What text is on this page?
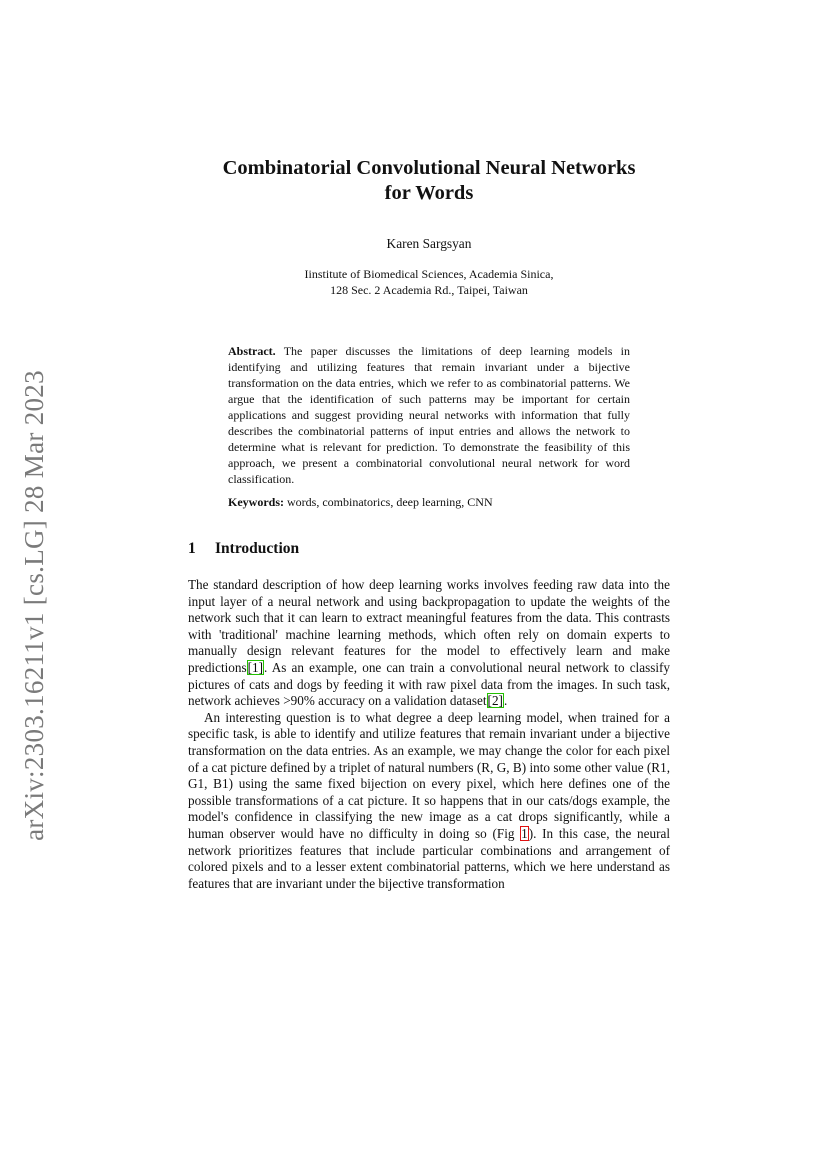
arXiv:2303.16211v1 [cs.LG] 28 Mar 2023
Combinatorial Convolutional Neural Networks
for Words
Karen Sargsyan
Iinstitute of Biomedical Sciences, Academia Sinica,
128 Sec. 2 Academia Rd., Taipei, Taiwan
Abstract. The paper discusses the limitations of deep learning models in identifying and utilizing features that remain invariant under a bijective transformation on the data entries, which we refer to as combinatorial patterns. We argue that the identification of such patterns may be important for certain applications and suggest providing neural networks with information that fully describes the combinatorial patterns of input entries and allows the network to determine what is relevant for prediction. To demonstrate the feasibility of this approach, we present a combinatorial convolutional neural network for word classification.
Keywords: words, combinatorics, deep learning, CNN
1 Introduction

The standard description of how deep learning works involves feeding raw data into the input layer of a neural network and using backpropagation to update the weights of the network such that it can learn to extract meaningful features from the data. This contrasts with 'traditional' machine learning methods, which often rely on domain experts to manually design relevant features for the model to effectively learn and make predictions[1]. As an example, one can train a convolutional neural network to classify pictures of cats and dogs by feeding it with raw pixel data from the images. In such task, network achieves >90% accuracy on a validation dataset[2].

An interesting question is to what degree a deep learning model, when trained for a specific task, is able to identify and utilize features that remain invariant under a bijective transformation on the data entries. As an example, we may change the color for each pixel of a cat picture defined by a triplet of natural numbers (R, G, B) into some other value (R1, G1, B1) using the same fixed bijection on every pixel, which here defines one of the possible transformations of a cat picture. It so happens that in our cats/dogs example, the model's confidence in classifying the new image as a cat drops significantly, while a human observer would have no difficulty in doing so (Fig 1). In this case, the neural network prioritizes features that include particular combinations and arrangement of colored pixels and to a lesser extent combinatorial patterns, which we here understand as features that are invariant under the bijective transformation
